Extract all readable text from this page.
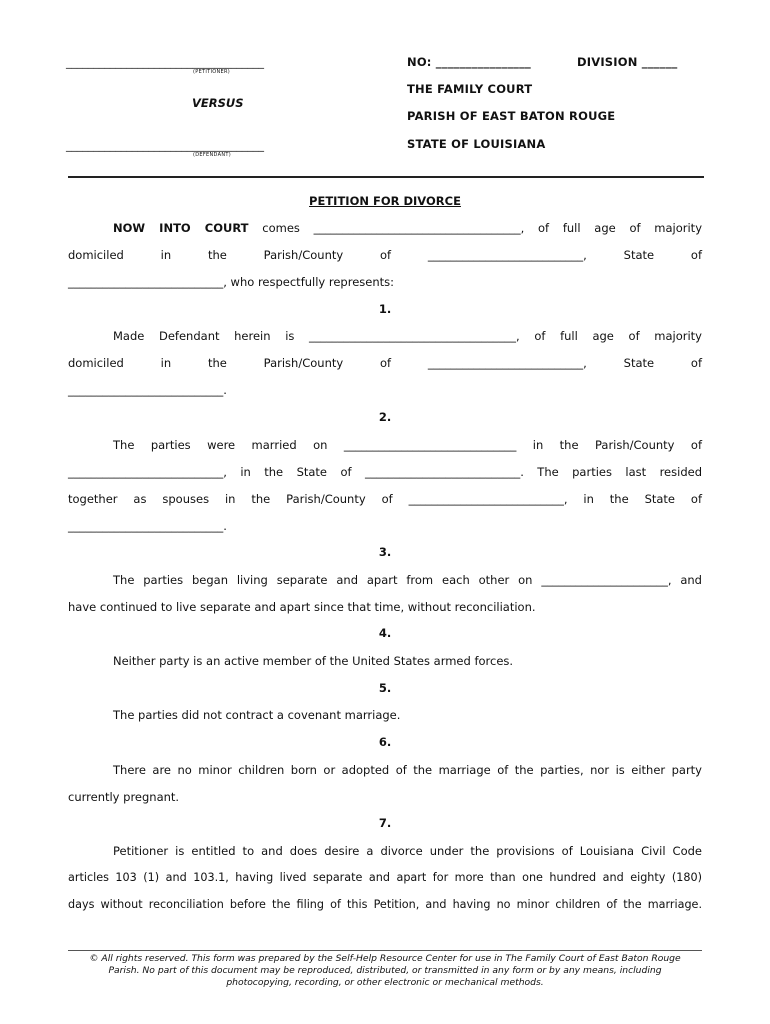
____________________________________
(PETITIONER)
VERSUS
____________________________________
(DEFENDANT)
NO: ________________	DIVISION ______
THE FAMILY COURT
PARISH OF EAST BATON ROUGE
STATE OF LOUISIANA
PETITION FOR DIVORCE
NOW INTO COURT comes ____________________________________, of full age of majority
domiciled in the Parish/County of ___________________________, State of
___________________________, who respectfully represents:
1.
Made Defendant herein is ____________________________________, of full age of majority
domiciled in the Parish/County of ___________________________, State of
___________________________.
2.
The parties were married on ______________________________ in the Parish/County of
___________________________, in the State of ___________________________. The parties last resided
together as spouses in the Parish/County of ___________________________, in the State of
___________________________.
3.
The parties began living separate and apart from each other on ______________________, and
have continued to live separate and apart since that time, without reconciliation.
4.
Neither party is an active member of the United States armed forces.
5.
The parties did not contract a covenant marriage.
6.
There are no minor children born or adopted of the marriage of the parties, nor is either party
currently pregnant.
7.
Petitioner is entitled to and does desire a divorce under the provisions of Louisiana Civil Code
articles 103 (1) and 103.1, having lived separate and apart for more than one hundred and eighty (180)
days without reconciliation before the filing of this Petition, and having no minor children of the marriage.
© All rights reserved. This form was prepared by the Self-Help Resource Center for use in The Family Court of East Baton Rouge
Parish. No part of this document may be reproduced, distributed, or transmitted in any form or by any means, including
photocopying, recording, or other electronic or mechanical methods.
